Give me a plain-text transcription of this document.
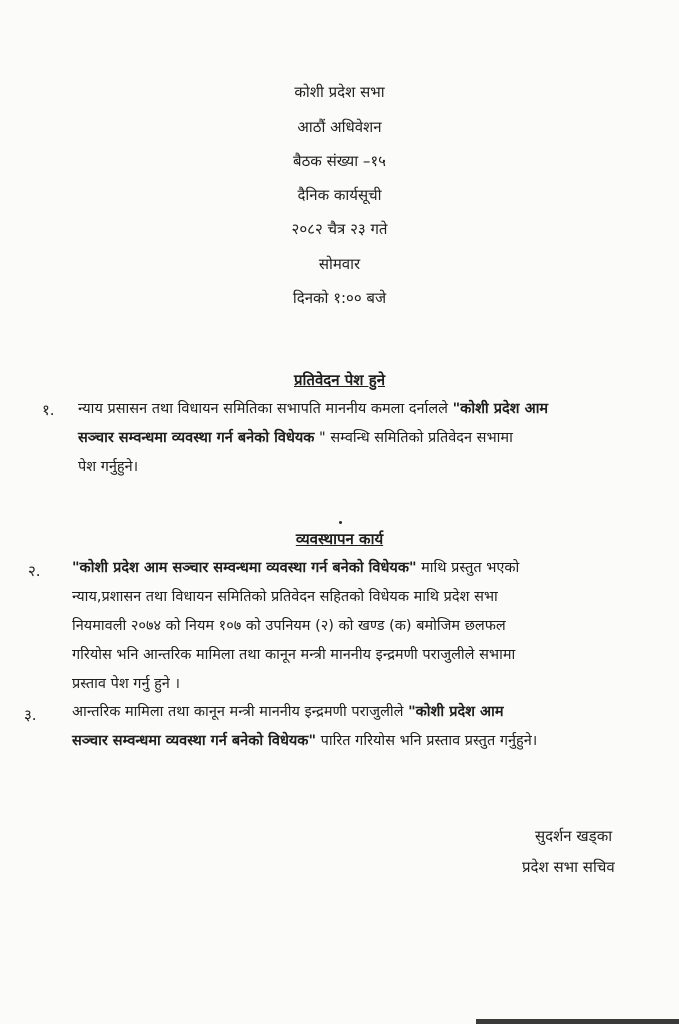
कोशी प्रदेश सभा
आठौं अधिवेशन
बैठक संख्या –१५
दैनिक कार्यसूची
२०८२ चैत्र २३ गते
सोमवार
दिनको १:०० बजे
प्रतिवेदन पेश हुने
१. न्याय प्रसासन तथा विधायन समितिका सभापति माननीय कमला दर्नालले "कोशी प्रदेश आम
सञ्चार सम्वन्धमा व्यवस्था गर्न बनेको विधेयक " सम्वन्धि समितिको प्रतिवेदन सभामा
पेश गर्नुहुने।
व्यवस्थापन कार्य
२. "कोशी प्रदेश आम सञ्चार सम्वन्धमा व्यवस्था गर्न बनेको विधेयक" माथि प्रस्तुत भएको
न्याय,प्रशासन तथा विधायन समितिको प्रतिवेदन सहितको विधेयक माथि प्रदेश सभा
नियमावली २०७४ को नियम १०७ को उपनियम (२) को खण्ड (क) बमोजिम छलफल
गरियोस भनि आन्तरिक मामिला तथा कानून मन्त्री माननीय इन्द्रमणी पराजुलीले सभामा
प्रस्ताव पेश गर्नु हुने ।
३. आन्तरिक मामिला तथा कानून मन्त्री माननीय इन्द्रमणी पराजुलीले "कोशी प्रदेश आम
सञ्चार सम्वन्धमा व्यवस्था गर्न बनेको विधेयक" पारित गरियोस भनि प्रस्ताव प्रस्तुत गर्नुहुने।
सुदर्शन खड्का
प्रदेश सभा सचिव
